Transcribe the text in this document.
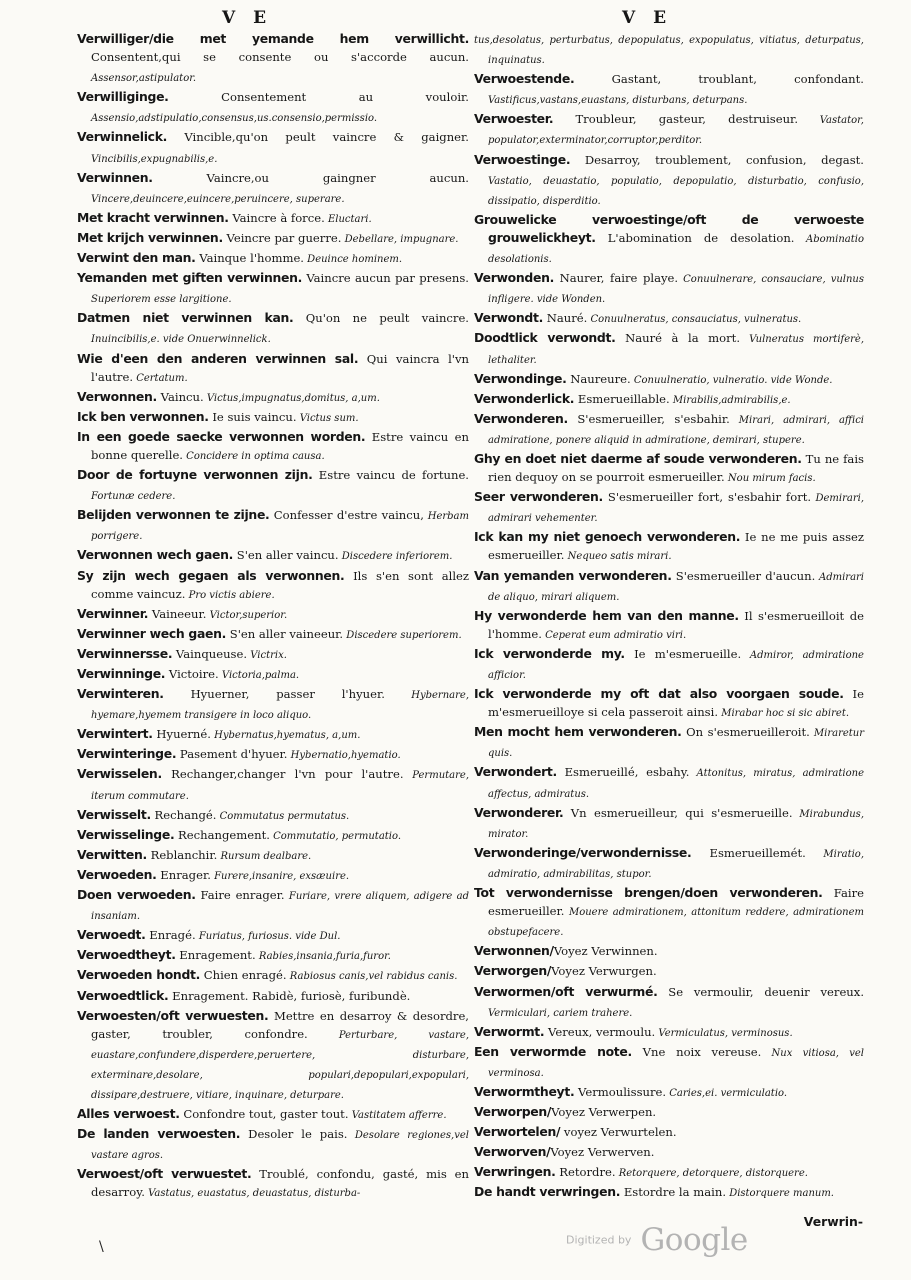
V E	V E

Verwilliger/die met yemande hem verwillicht. Consentent,qui se consente ou s'accorde aucun. Assensor,astipulator.

Verwilliginge. Consentement au vouloir. Assensio,adstipulatio,consensus,us.consensio,permissio.

Verwinnelick. Vincible,qu'on peult vaincre & gaigner. Vincibilis,expugnabilis,e.

Verwinnen. Vaincre,ou gaingner aucun. Vincere,deuincere,euincere,peruincere, superare.

Met kracht verwinnen. Vaincre à force. Eluctari.

Met krijch verwinnen. Veincre par guerre. Debellare, impugnare.

Verwint den man. Vainque l'homme. Deuince hominem.

Yemanden met giften verwinnen. Vaincre aucun par presens. Superiorem esse largitione.

Datmen niet verwinnen kan. Qu'on ne peult vaincre. Inuincibilis,e. vide Onuerwinnelick.

Wie d'een den anderen verwinnen sal. Qui vaincra l'vn l'autre. Certatum.

Verwonnen. Vaincu. Victus,impugnatus,domitus, a,um.

Ick ben verwonnen. Ie suis vaincu. Victus sum.

In een goede saecke verwonnen worden. Estre vaincu en bonne querelle. Concidere in optima causa.

Door de fortuyne verwonnen zijn. Estre vaincu de fortune. Fortunæ cedere.

Belijden verwonnen te zijne. Confesser d'estre vaincu, Herbam porrigere.

Verwonnen wech gaen. S'en aller vaincu. Discedere inferiorem.

Sy zijn wech gegaen als verwonnen. Ils s'en sont allez comme vaincuz. Pro victis abiere.

Verwinner. Vaineeur. Victor,superior.

Verwinner wech gaen. S'en aller vaineeur. Discedere superiorem.

Verwinnersse. Vainqueuse. Victrix.

Verwinninge. Victoire. Victoria,palma.

Verwinteren. Hyuerner, passer l'hyuer. Hybernare, hyemare,hyemem transigere in loco aliquo.

Verwintert. Hyuerné. Hybernatus,hyematus, a,um.

Verwinteringe. Pasement d'hyuer. Hybernatio,hyematio.

Verwisselen. Rechanger,changer l'vn pour l'autre. Permutare, iterum commutare.

Verwisselt. Rechangé. Commutatus permutatus.

Verwisselinge. Rechangement. Commutatio, permutatio.

Verwitten. Reblanchir. Rursum dealbare.

Verwoeden. Enrager. Furere,insanire, exsæuire.

Doen verwoeden. Faire enrager. Furiare, vrere aliquem, adigere ad insaniam.

Verwoedt. Enragé. Furiatus, furiosus. vide Dul.

Verwoedtheyt. Enragement. Rabies,insania,furia,furor.

Verwoeden hondt. Chien enragé. Rabiosus canis,vel rabidus canis.

Verwoedtlick. Enragement. Rabidè, furiosè, furibundè.

Verwoesten/oft verwuesten. Mettre en desarroy & desordre, gaster, troubler, confondre. Perturbare, vastare, euastare,confundere,disperdere,peruertere, disturbare, exterminare,desolare, populari,depopulari,expopulari, dissipare,destruere, vitiare, inquinare, deturpare.

Alles verwoest. Confondre tout, gaster tout. Vastitatem afferre.

De landen verwoesten. Desoler le pais. Desolare regiones,vel vastare agros.

Verwoest/oft verwuestet. Troublé, confondu, gasté, mis en desarroy. Vastatus, euastatus, deuastatus, disturba-

tus,desolatus, perturbatus, depopulatus, expopulatus, vitiatus, deturpatus, inquinatus.

Verwoestende. Gastant, troublant, confondant. Vastificus,vastans,euastans, disturbans, deturpans.

Verwoester. Troubleur, gasteur, destruiseur. Vastator, populator,exterminator,corruptor,perditor.

Verwoestinge. Desarroy, troublement, confusion, degast. Vastatio, deuastatio, populatio, depopulatio, disturbatio, confusio, dissipatio, disperditio.

Grouwelicke verwoestinge/oft de verwoeste grouwelickheyt. L'abomination de desolation. Abominatio desolationis.

Verwonden. Naurer, faire playe. Conuulnerare, consauciare, vulnus infligere. vide Wonden.

Verwondt. Nauré. Conuulneratus, consauciatus, vulneratus.

Doodtlick verwondt. Nauré à la mort. Vulneratus mortiferè, lethaliter.

Verwondinge. Naureure. Conuulneratio, vulneratio. vide Wonde.

Verwonderlick. Esmerueillable. Mirabilis,admirabilis,e.

Verwonderen. S'esmerueiller, s'esbahir. Mirari, admirari, affici admiratione, ponere aliquid in admiratione, demirari, stupere.

Ghy en doet niet daerme af soude verwonderen. Tu ne fais rien dequoy on se pourroit esmerueiller. Nou mirum facis.

Seer verwonderen. S'esmerueiller fort, s'esbahir fort. Demirari, admirari vehementer.

Ick kan my niet genoech verwonderen. Ie ne me puis assez esmerueiller. Nequeo satis mirari.

Van yemanden verwonderen. S'esmerueiller d'aucun. Admirari de aliquo, mirari aliquem.

Hy verwonderde hem van den manne. Il s'esmerueilloit de l'homme. Ceperat eum admiratio viri.

Ick verwonderde my. Ie m'esmerueille. Admiror, admiratione afficior.

Ick verwonderde my oft dat also voorgaen soude. Ie m'esmerueilloye si cela passeroit ainsi. Mirabar hoc si sic abiret.

Men mocht hem verwonderen. On s'esmerueilleroit. Miraretur quis.

Verwondert. Esmerueillé, esbahy. Attonitus, miratus, admiratione affectus, admiratus.

Verwonderer. Vn esmerueilleur, qui s'esmerueille. Mirabundus, mirator.

Verwonderinge/verwondernisse. Esmerueillemét. Miratio, admiratio, admirabilitas, stupor.

Tot verwondernisse brengen/doen verwonderen. Faire esmerueiller. Mouere admirationem, attonitum reddere, admirationem obstupefacere.

Verwonnen/Voyez Verwinnen.

Verworgen/Voyez Verwurgen.

Verwormen/oft verwurmé. Se vermoulir, deuenir vereux. Vermiculari, cariem trahere.

Verwormt. Vereux, vermoulu. Vermiculatus, verminosus.

Een verwormde note. Vne noix vereuse. Nux vitiosa, vel verminosa.

Verwormtheyt. Vermoulissure. Caries,ei. vermiculatio.

Verworpen/Voyez Verwerpen.

Verwortelen/ voyez Verwurtelen.

Verworven/Voyez Verwerven.

Verwringen. Retordre. Retorquere, detorquere, distorquere.

De handt verwringen. Estordre la main. Distorquere manum.

Verwrin-
\	Digitized by Google
